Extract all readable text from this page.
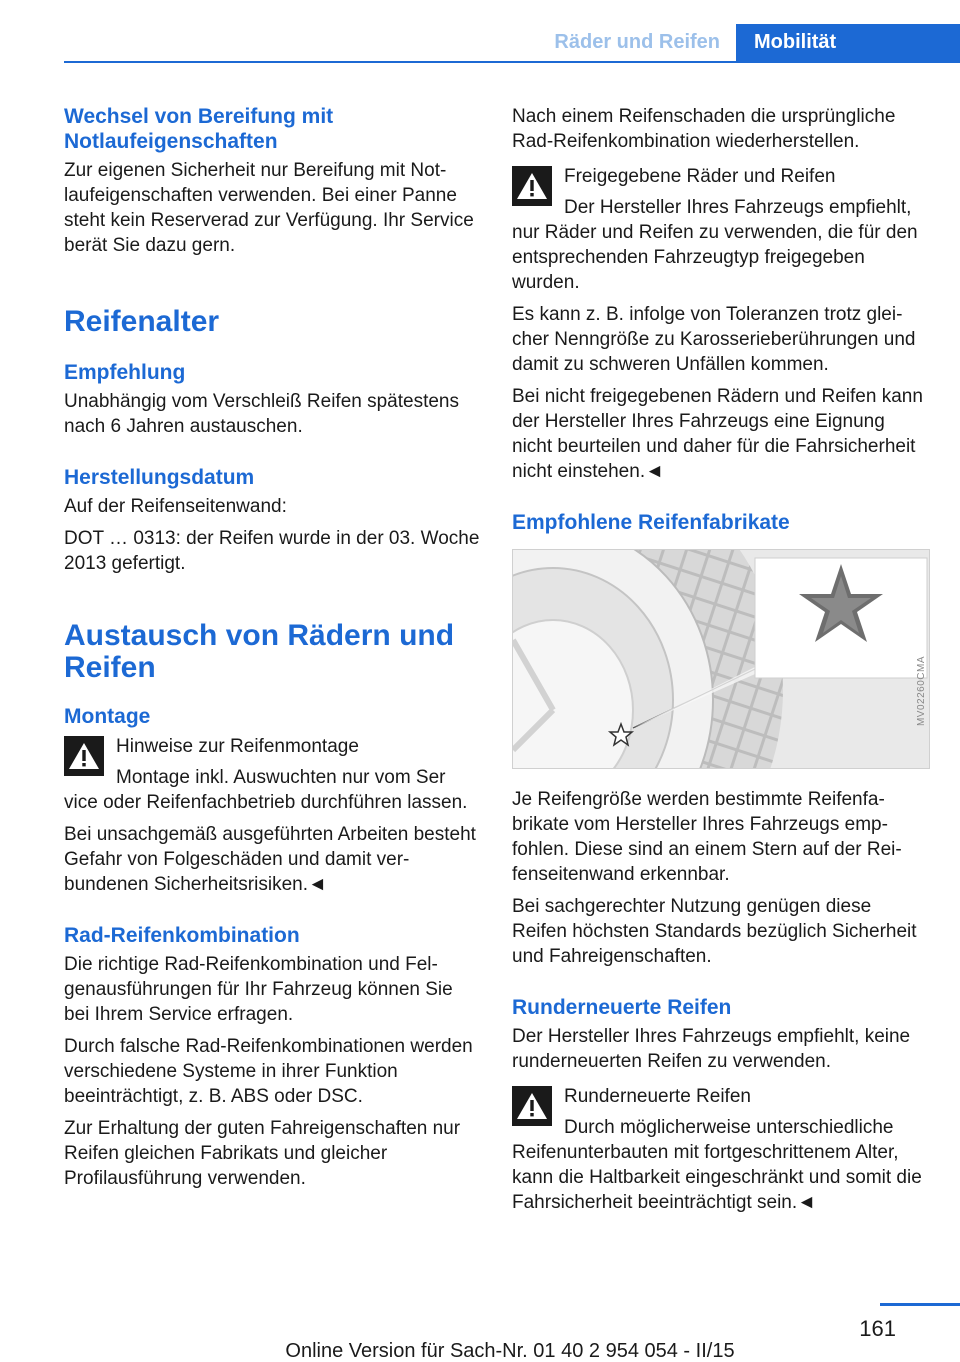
Räder und Reifen	Mobilität
Wechsel von Bereifung mit Notlaufeigenschaften

Zur eigenen Sicherheit nur Bereifung mit Notlaufeigenschaften verwenden. Bei einer Panne steht kein Reserverad zur Verfügung. Ihr Service berät Sie dazu gern.

Reifenalter
Empfehlung

Unabhängig vom Verschleiß Reifen spätestens nach 6 Jahren austauschen.

Herstellungsdatum

Auf der Reifenseitenwand:

DOT … 0313: der Reifen wurde in der 03. Woche 2013 gefertigt.

Austausch von Rädern und Reifen
Montage
Hinweise zur Reifenmontage
Montage inkl. Auswuchten nur vom Ser

vice oder Reifenfachbetrieb durchführen lassen.

Bei unsachgemäß ausgeführten Arbeiten besteht Gefahr von Folgeschäden und damit verbundenen Sicherheitsrisiken.◄

Rad-Reifenkombination

Die richtige Rad-Reifenkombination und Felgenausführungen für Ihr Fahrzeug können Sie bei Ihrem Service erfragen.

Durch falsche Rad-Reifenkombinationen werden verschiedene Systeme in ihrer Funktion beeinträchtigt, z. B. ABS oder DSC.

Zur Erhaltung der guten Fahreigenschaften nur Reifen gleichen Fabrikats und gleicher Profilausführung verwenden.

Nach einem Reifenschaden die ursprüngliche Rad-Reifenkombination wiederherstellen.

Freigegebene Räder und Reifen
Der Hersteller Ihres Fahrzeugs empfiehlt,

nur Räder und Reifen zu verwenden, die für den entsprechenden Fahrzeugtyp freigegeben wurden.

Es kann z. B. infolge von Toleranzen trotz gleicher Nenngröße zu Karosserieberührungen und damit zu schweren Unfällen kommen.

Bei nicht freigegebenen Rädern und Reifen kann der Hersteller Ihres Fahrzeugs eine Eignung nicht beurteilen und daher für die Fahrsicherheit nicht einstehen.◄

Empfohlene Reifenfabrikate
MV02260CMA

Je Reifengröße werden bestimmte Reifenfabrikate vom Hersteller Ihres Fahrzeugs empfohlen. Diese sind an einem Stern auf der Reifenseitenwand erkennbar.

Bei sachgerechter Nutzung genügen diese Reifen höchsten Standards bezüglich Sicherheit und Fahreigenschaften.

Runderneuerte Reifen

Der Hersteller Ihres Fahrzeugs empfiehlt, keine runderneuerten Reifen zu verwenden.

Runderneuerte Reifen
Durch möglicherweise unterschiedliche

Reifenunterbauten mit fortgeschrittenem Alter, kann die Haltbarkeit eingeschränkt und somit die Fahrsicherheit beeinträchtigt sein.◄

161
Online Version für Sach-Nr. 01 40 2 954 054 - II/15
